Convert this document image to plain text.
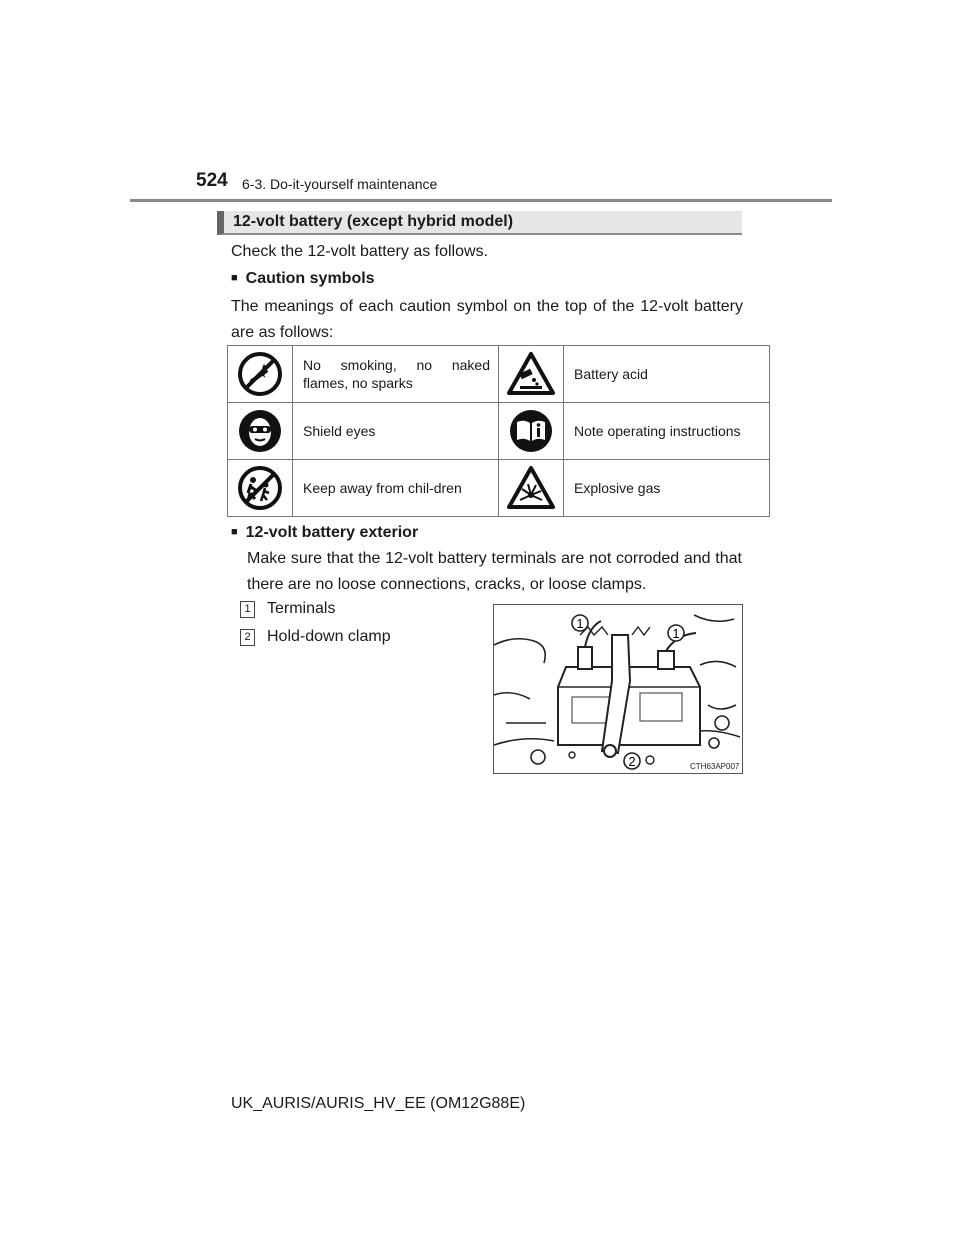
524 6-3. Do-it-yourself maintenance
12-volt battery (except hybrid model)
Check the 12-volt battery as follows.
■ Caution symbols
The meanings of each caution symbol on the top of the 12-volt battery are as follows:
	No smoking, no naked flames, no sparks		Battery acid

	Shield eyes		Note operating instructions

	Keep away from chil-dren		Explosive gas
■ 12-volt battery exterior
Make sure that the 12-volt battery terminals are not corroded and that there are no loose connections, cracks, or loose clamps.
1 Terminals
2 Hold-down clamp
1
1
2	CTH63AP007
UK_AURIS/AURIS_HV_EE (OM12G88E)
